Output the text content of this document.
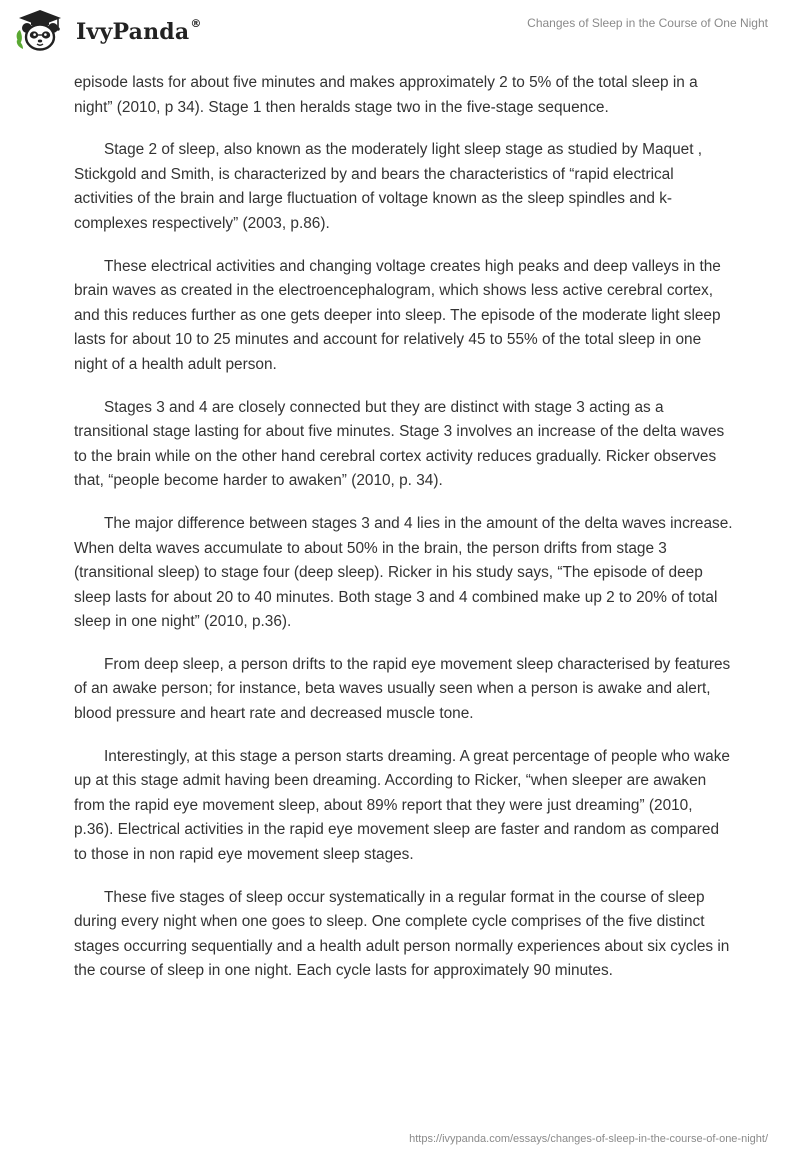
IvyPanda®	Changes of Sleep in the Course of One Night

episode lasts for about five minutes and makes approximately 2 to 5% of the total sleep in a night” (2010, p 34). Stage 1 then heralds stage two in the five-stage sequence.

Stage 2 of sleep, also known as the moderately light sleep stage as studied by Maquet , Stickgold and Smith, is characterized by and bears the characteristics of “rapid electrical activities of the brain and large fluctuation of voltage known as the sleep spindles and k-complexes respectively” (2003, p.86).

These electrical activities and changing voltage creates high peaks and deep valleys in the brain waves as created in the electroencephalogram, which shows less active cerebral cortex, and this reduces further as one gets deeper into sleep. The episode of the moderate light sleep lasts for about 10 to 25 minutes and account for relatively 45 to 55% of the total sleep in one night of a health adult person.

Stages 3 and 4 are closely connected but they are distinct with stage 3 acting as a transitional stage lasting for about five minutes. Stage 3 involves an increase of the delta waves to the brain while on the other hand cerebral cortex activity reduces gradually. Ricker observes that, “people become harder to awaken” (2010, p. 34).

The major difference between stages 3 and 4 lies in the amount of the delta waves increase. When delta waves accumulate to about 50% in the brain, the person drifts from stage 3 (transitional sleep) to stage four (deep sleep). Ricker in his study says, “The episode of deep sleep lasts for about 20 to 40 minutes. Both stage 3 and 4 combined make up 2 to 20% of total sleep in one night” (2010, p.36).

From deep sleep, a person drifts to the rapid eye movement sleep characterised by features of an awake person; for instance, beta waves usually seen when a person is awake and alert, blood pressure and heart rate and decreased muscle tone.

Interestingly, at this stage a person starts dreaming. A great percentage of people who wake up at this stage admit having been dreaming. According to Ricker, “when sleeper are awaken from the rapid eye movement sleep, about 89% report that they were just dreaming” (2010, p.36). Electrical activities in the rapid eye movement sleep are faster and random as compared to those in non rapid eye movement sleep stages.

These five stages of sleep occur systematically in a regular format in the course of sleep during every night when one goes to sleep. One complete cycle comprises of the five distinct stages occurring sequentially and a health adult person normally experiences about six cycles in the course of sleep in one night. Each cycle lasts for approximately 90 minutes.

https://ivypanda.com/essays/changes-of-sleep-in-the-course-of-one-night/
